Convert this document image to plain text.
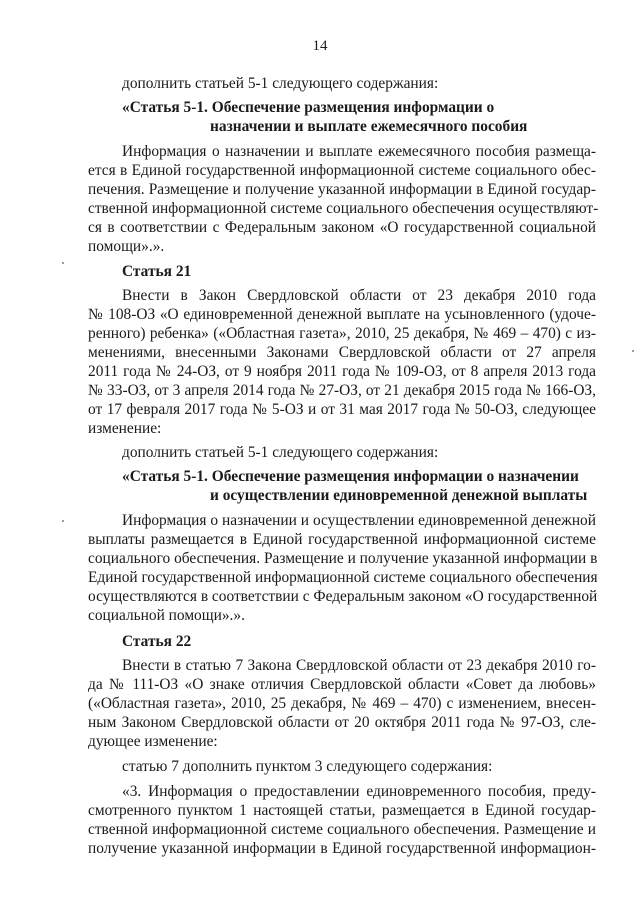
14
дополнить статьей 5-1 следующего содержания:
«Статья 5-1. Обеспечение размещения информации о
назначении и выплате ежемесячного пособия
Информация о назначении и выплате ежемесячного пособия размеща-
ется в Единой государственной информационной системе социального обес-
печения. Размещение и получение указанной информации в Единой государ-
ственной информационной системе социального обеспечения осуществляют-
ся в соответствии с Федеральным законом «О государственной социальной
помощи».».
Статья 21
Внести в Закон Свердловской области от 23 декабря 2010 года
№ 108-ОЗ «О единовременной денежной выплате на усыновленного (удоче-
ренного) ребенка» («Областная газета», 2010, 25 декабря, № 469 – 470) с из-
менениями, внесенными Законами Свердловской области от 27 апреля
2011 года № 24-ОЗ, от 9 ноября 2011 года № 109-ОЗ, от 8 апреля 2013 года
№ 33-ОЗ, от 3 апреля 2014 года № 27-ОЗ, от 21 декабря 2015 года № 166-ОЗ,
от 17 февраля 2017 года № 5-ОЗ и от 31 мая 2017 года № 50-ОЗ, следующее
изменение:
дополнить статьей 5-1 следующего содержания:
«Статья 5-1. Обеспечение размещения информации о назначении
и осуществлении единовременной денежной выплаты
Информация о назначении и осуществлении единовременной денежной
выплаты размещается в Единой государственной информационной системе
социального обеспечения. Размещение и получение указанной информации в
Единой государственной информационной системе социального обеспечения
осуществляются в соответствии с Федеральным законом «О государственной
социальной помощи».».
Статья 22
Внести в статью 7 Закона Свердловской области от 23 декабря 2010 го-
да № 111-ОЗ «О знаке отличия Свердловской области «Совет да любовь»
(«Областная газета», 2010, 25 декабря, № 469 – 470) с изменением, внесен-
ным Законом Свердловской области от 20 октября 2011 года № 97-ОЗ, сле-
дующее изменение:
статью 7 дополнить пунктом 3 следующего содержания:
«3. Информация о предоставлении единовременного пособия, преду-
смотренного пунктом 1 настоящей статьи, размещается в Единой государ-
ственной информационной системе социального обеспечения. Размещение и
получение указанной информации в Единой государственной информацион-
